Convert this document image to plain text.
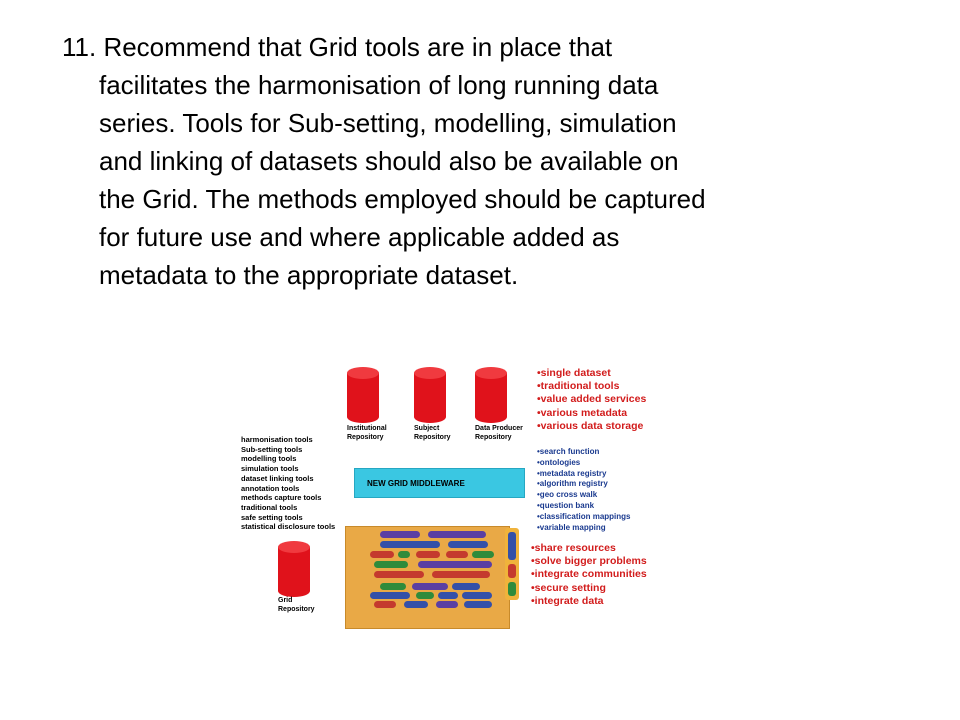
11. Recommend that Grid tools are in place that
facilitates the harmonisation of long running data
series. Tools for Sub-setting, modelling, simulation
and linking of datasets should also be available on
the Grid. The methods employed should be captured
for future use and where applicable added as
metadata to the appropriate dataset.
Institutional
Repository
Subject
Repository
Data Producer
Repository
•single dataset
•traditional tools
•value added services
•various metadata
•various data storage
harmonisation tools
Sub-setting tools
modelling tools
simulation tools
dataset linking tools
annotation tools
methods capture tools
traditional tools
safe setting tools
statistical disclosure tools
NEW GRID MIDDLEWARE
•search function
•ontologies
•metadata registry
•algorithm registry
•geo cross walk
•question bank
•classification mappings
•variable mapping
Grid
Repository
•share resources
•solve bigger problems
•integrate communities
•secure setting
•integrate data
